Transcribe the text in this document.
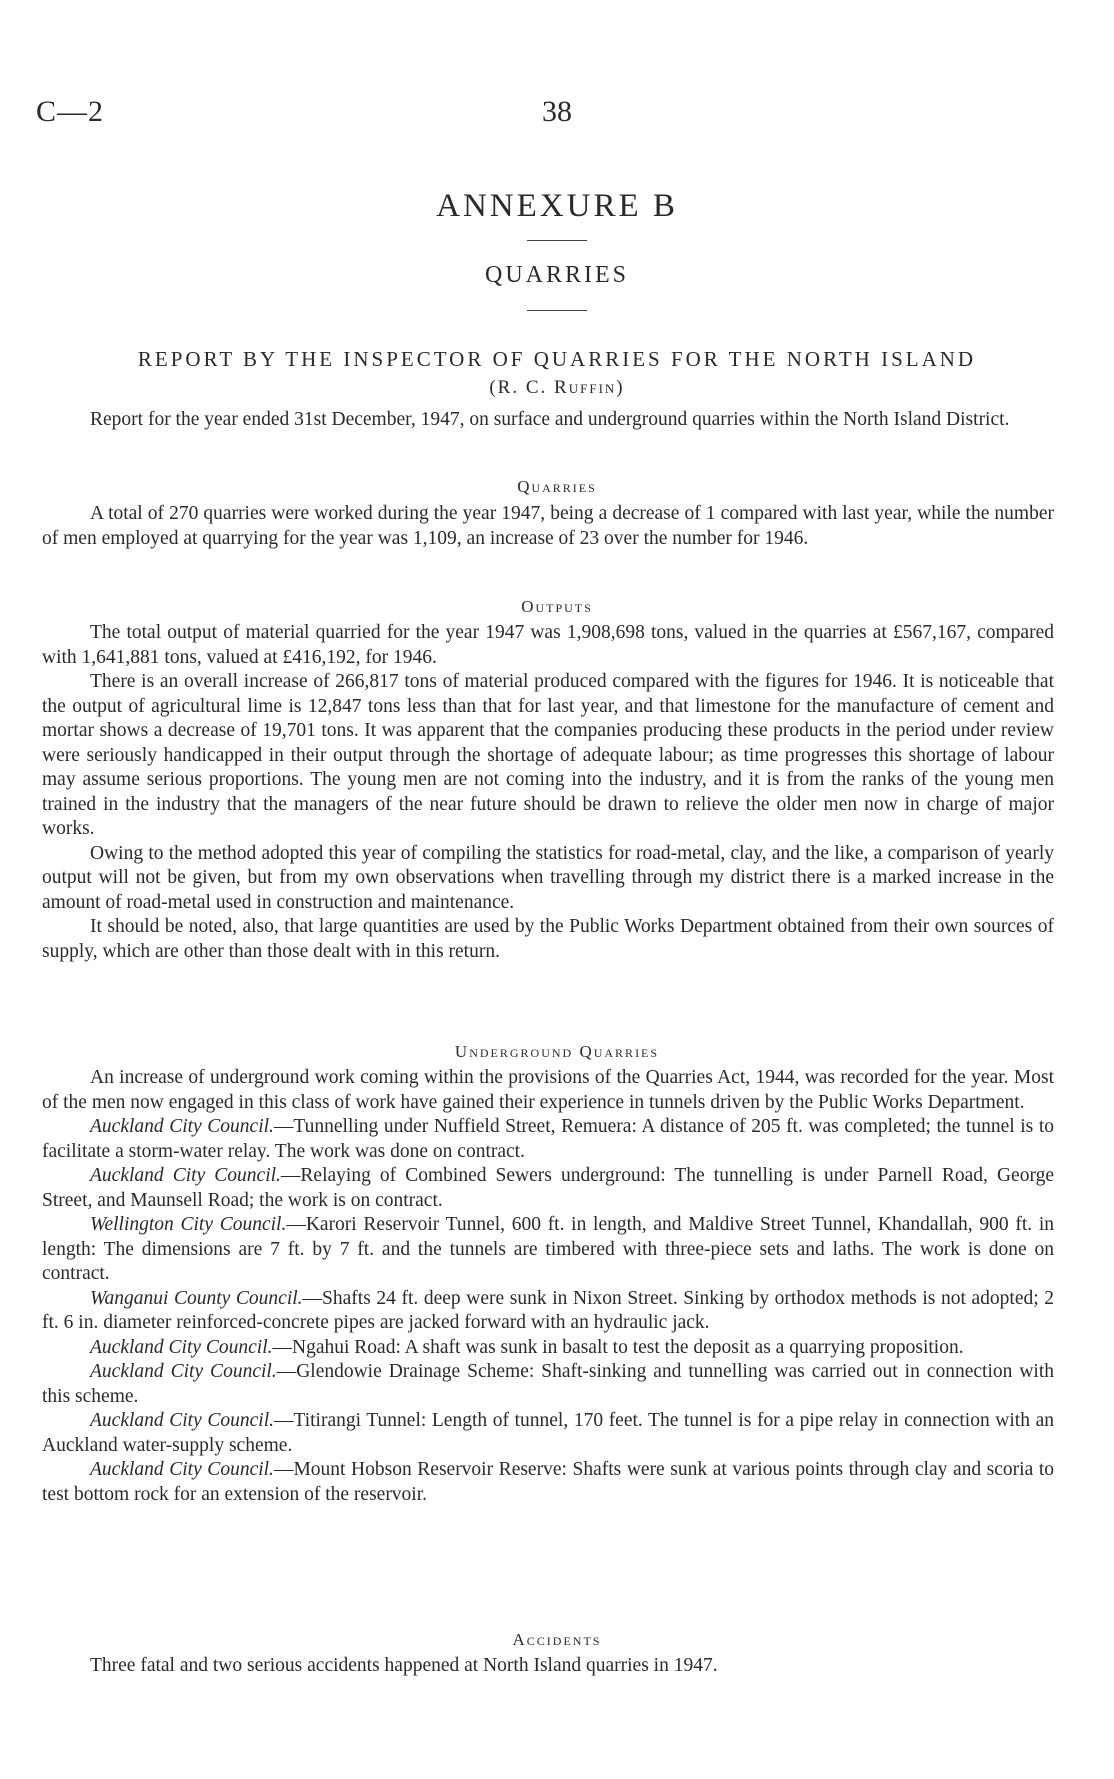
C—2	38
ANNEXURE B
QUARRIES
REPORT BY THE INSPECTOR OF QUARRIES FOR THE NORTH ISLAND
(R. C. Ruffin)

Report for the year ended 31st December, 1947, on surface and underground quarries within the North Island District.

Quarries

A total of 270 quarries were worked during the year 1947, being a decrease of 1 compared with last year, while the number of men employed at quarrying for the year was 1,109, an increase of 23 over the number for 1946.

Outputs

The total output of material quarried for the year 1947 was 1,908,698 tons, valued in the quarries at £567,167, compared with 1,641,881 tons, valued at £416,192, for 1946.

There is an overall increase of 266,817 tons of material produced compared with the figures for 1946. It is noticeable that the output of agricultural lime is 12,847 tons less than that for last year, and that limestone for the manufacture of cement and mortar shows a decrease of 19,701 tons. It was apparent that the companies producing these products in the period under review were seriously handicapped in their output through the shortage of adequate labour; as time progresses this shortage of labour may assume serious proportions. The young men are not coming into the industry, and it is from the ranks of the young men trained in the industry that the managers of the near future should be drawn to relieve the older men now in charge of major works.

Owing to the method adopted this year of compiling the statistics for road-metal, clay, and the like, a comparison of yearly output will not be given, but from my own observations when travelling through my district there is a marked increase in the amount of road-metal used in construction and maintenance.

It should be noted, also, that large quantities are used by the Public Works Department obtained from their own sources of supply, which are other than those dealt with in this return.

Underground Quarries

An increase of underground work coming within the provisions of the Quarries Act, 1944, was recorded for the year. Most of the men now engaged in this class of work have gained their experience in tunnels driven by the Public Works Department.

Auckland City Council.—Tunnelling under Nuffield Street, Remuera: A distance of 205 ft. was completed; the tunnel is to facilitate a storm-water relay. The work was done on contract.

Auckland City Council.—Relaying of Combined Sewers underground: The tunnelling is under Parnell Road, George Street, and Maunsell Road; the work is on contract.

Wellington City Council.—Karori Reservoir Tunnel, 600 ft. in length, and Maldive Street Tunnel, Khandallah, 900 ft. in length: The dimensions are 7 ft. by 7 ft. and the tunnels are timbered with three-piece sets and laths. The work is done on contract.

Wanganui County Council.—Shafts 24 ft. deep were sunk in Nixon Street. Sinking by orthodox methods is not adopted; 2 ft. 6 in. diameter reinforced-concrete pipes are jacked forward with an hydraulic jack.

Auckland City Council.—Ngahui Road: A shaft was sunk in basalt to test the deposit as a quarrying proposition.

Auckland City Council.—Glendowie Drainage Scheme: Shaft-sinking and tunnelling was carried out in connection with this scheme.

Auckland City Council.—Titirangi Tunnel: Length of tunnel, 170 feet. The tunnel is for a pipe relay in connection with an Auckland water-supply scheme.

Auckland City Council.—Mount Hobson Reservoir Reserve: Shafts were sunk at various points through clay and scoria to test bottom rock for an extension of the reservoir.

Accidents

Three fatal and two serious accidents happened at North Island quarries in 1947.
